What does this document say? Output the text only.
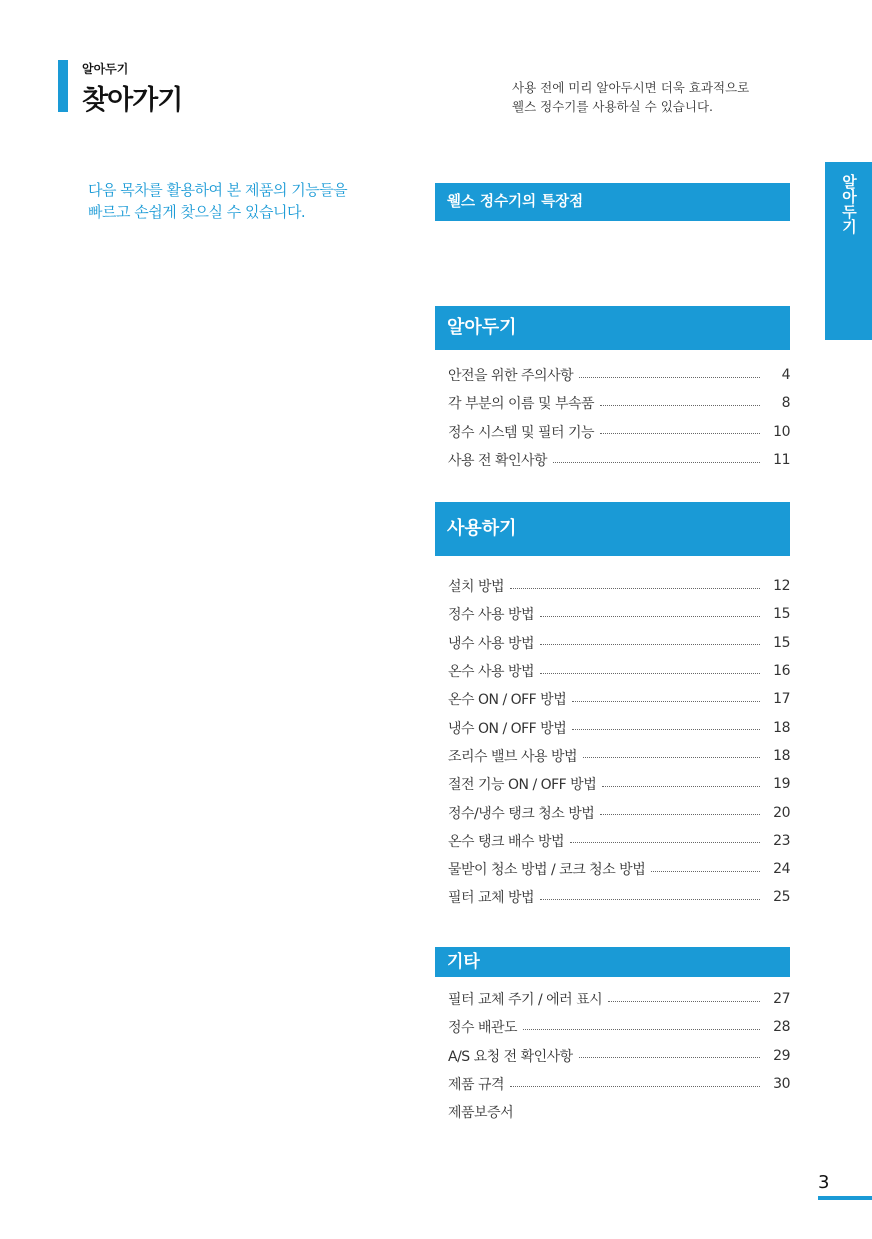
알아두기
찾아가기	사용 전에 미리 알아두시면 더욱 효과적으로
웰스 정수기를 사용하실 수 있습니다.
다음 목차를 활용하여 본 제품의 기능들을
빠르고 손쉽게 찾으실 수 있습니다.	알아두기
웰스 정수기의 특장점
알아두기
안전을 위한 주의사항	4
각 부분의 이름 및 부속품	8
정수 시스템 및 필터 기능	10
사용 전 확인사항	11
사용하기
설치 방법	12
정수 사용 방법	15
냉수 사용 방법	15
온수 사용 방법	16
온수 ON / OFF 방법	17
냉수 ON / OFF 방법	18
조리수 밸브 사용 방법	18
절전 기능 ON / OFF 방법	19
정수/냉수 탱크 청소 방법	20
온수 탱크 배수 방법	23
물받이 청소 방법 / 코크 청소 방법	24
필터 교체 방법	25
기타
필터 교체 주기 / 에러 표시	27
정수 배관도	28
A/S 요청 전 확인사항	29
제품 규격	30
제품보증서
3
